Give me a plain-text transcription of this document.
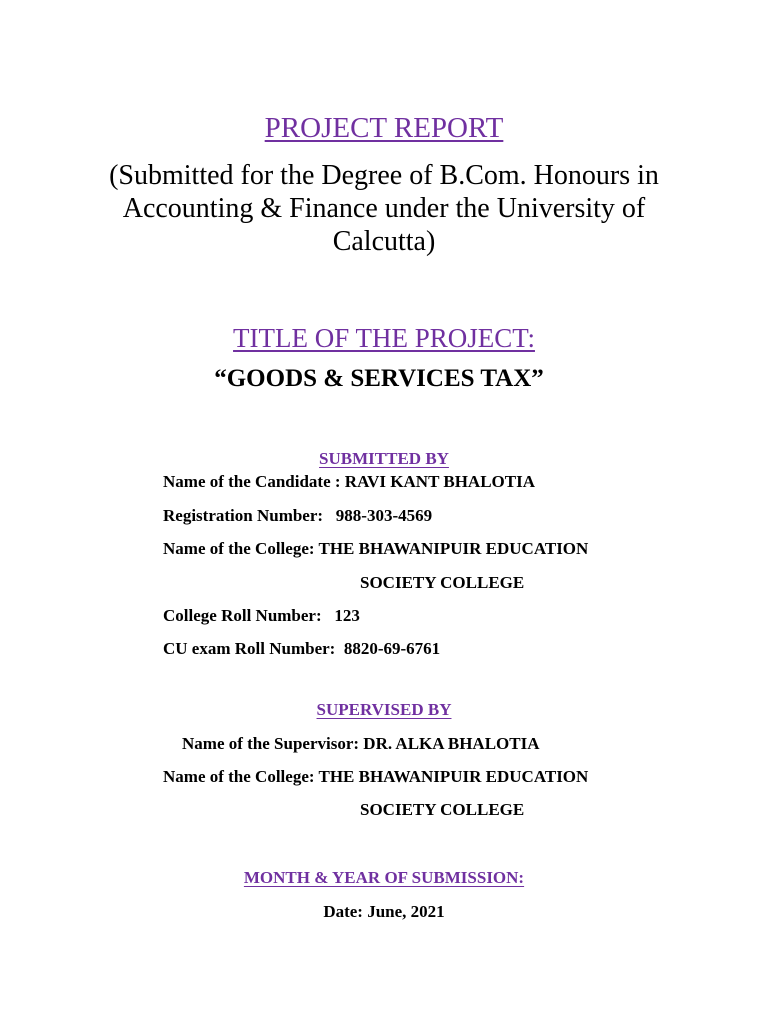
PROJECT REPORT
(Submitted for the Degree of B.Com. Honours in
Accounting & Finance under the University of
Calcutta)
TITLE OF THE PROJECT:
“GOODS & SERVICES TAX”
SUBMITTED BY
Name of the Candidate : RAVI KANT BHALOTIA
Registration Number:   988-303-4569
Name of the College: THE BHAWANIPUIR EDUCATION
SOCIETY COLLEGE
College Roll Number:   123
CU exam Roll Number:  8820-69-6761
SUPERVISED BY
Name of the Supervisor: DR. ALKA BHALOTIA
Name of the College: THE BHAWANIPUIR EDUCATION
SOCIETY COLLEGE
MONTH & YEAR OF SUBMISSION:
Date: June, 2021
